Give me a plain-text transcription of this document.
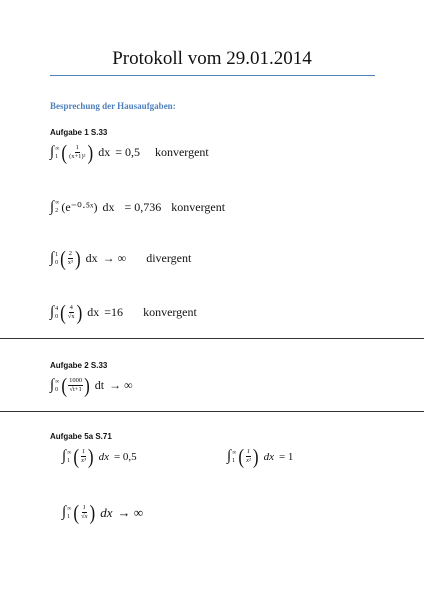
Protokoll vom 29.01.2014
Besprechung der Hausaufgaben:
Aufgabe 1 S.33
∫ ∞
1 ( $\frac{1}{\text{(x+1)²}}$ ) dx = 0,5 konvergent
∫ ∞
2 (e⁻⁰·⁵ˣ) dx = 0,736 konvergent
∫ 1
0 ( $\frac{2}{\text{x³}}$ ) dx → ∞ divergent
∫ 4
0 ( $\frac{4}{√x}$ ) dx =16 konvergent
Aufgabe 2 S.33
∫ ∞
0 ( $\frac{1000}{√t+1}$ ) dt → ∞
Aufgabe 5a S.71
∫ ∞
1 ( $\frac{1}{\text{x³}}$ ) dx = 0,5	∫ ∞
1 ( $\frac{1}{\text{x²}}$ ) dx = 1
∫ ∞
1 ( $\frac{1}{√x}$ ) dx → ∞
